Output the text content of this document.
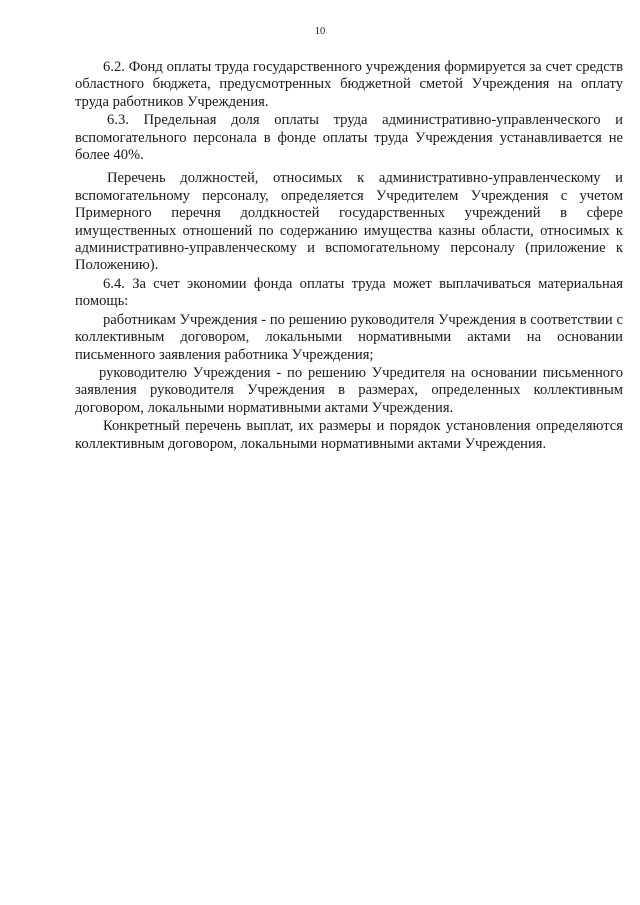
10

6.2. Фонд оплаты труда государственного учреждения формируется за счет средств областного бюджета, предусмотренных бюджетной сметой Учреждения на оплату труда работников Учреждения.

6.3. Предельная доля оплаты труда административно-управленческого и вспомогательного персонала в фонде оплаты труда Учреждения устанавливается не более 40%.

Перечень должностей, относимых к административно-управленческому и вспомогательному персоналу, определяется Учредителем Учреждения с учетом Примерного перечня долдкностей государственных учреждений в сфере имущественных отношений по содержанию имущества казны области, относимых к административно-управленческому и вспомогательному персоналу (приложение к Положению).

6.4. За счет экономии фонда оплаты труда может выплачиваться материальная помощь:

работникам Учреждения - по решению руководителя Учреждения в соответствии с коллективным договором, локальными нормативными актами на основании письменного заявления работника Учреждения;

руководителю Учреждения - по решению Учредителя на основании письменного заявления руководителя Учреждения в размерах, определенных коллективным договором, локальными нормативными актами Учреждения.

Конкретный перечень выплат, их размеры и порядок установления определяются коллективным договором, локальными нормативными актами Учреждения.
